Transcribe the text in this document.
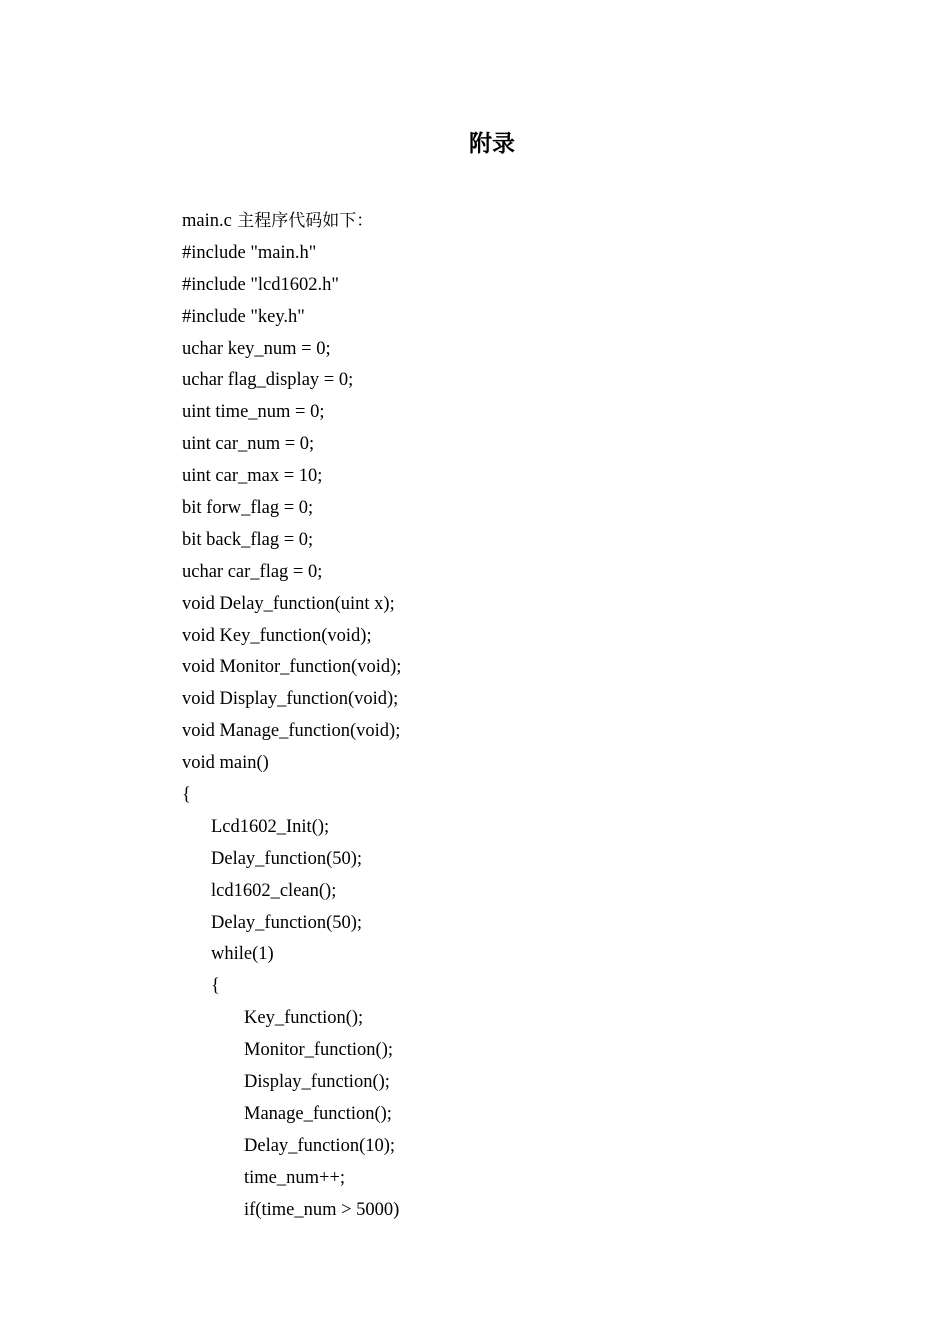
附录
main.c 主程序代码如下：
#include "main.h"
#include "lcd1602.h"
#include "key.h"
uchar key_num = 0;
uchar flag_display = 0;
uint time_num = 0;
uint car_num = 0;
uint car_max = 10;
bit forw_flag = 0;
bit back_flag = 0;
uchar car_flag = 0;
void Delay_function(uint x);
void Key_function(void);
void Monitor_function(void);
void Display_function(void);
void Manage_function(void);
void main()
{
Lcd1602_Init();
Delay_function(50);
lcd1602_clean();
Delay_function(50);
while(1)
{
Key_function();
Monitor_function();
Display_function();
Manage_function();
Delay_function(10);
time_num++;
if(time_num > 5000)
